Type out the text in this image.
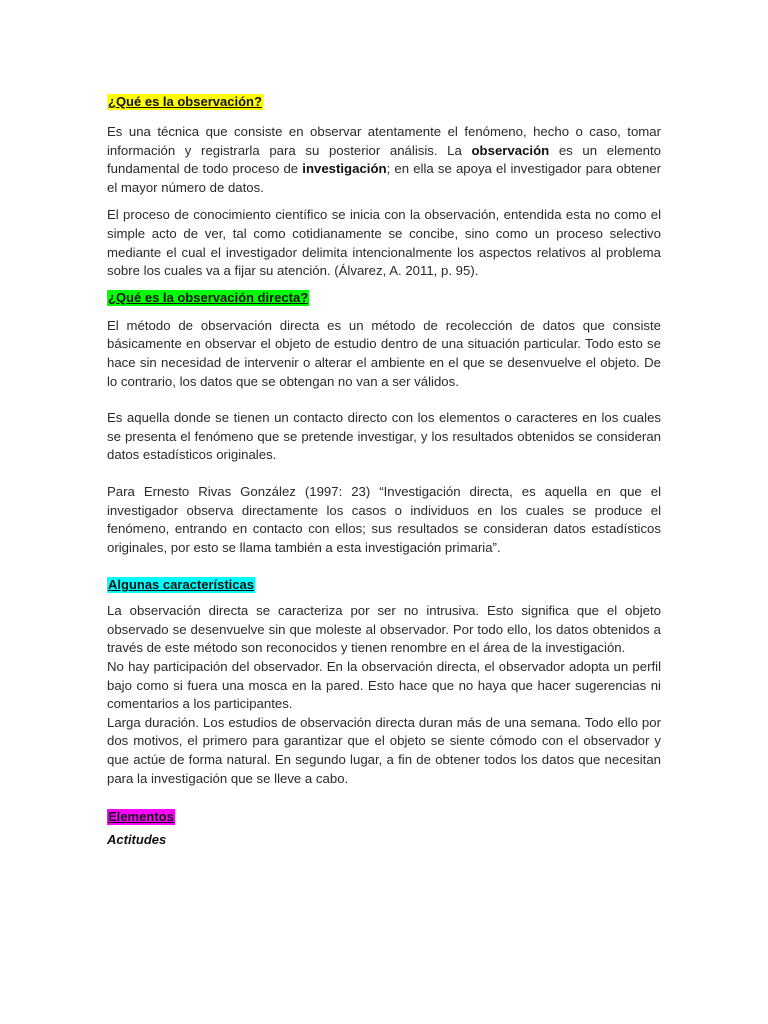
¿Qué es la observación?

Es una técnica que consiste en observar atentamente el fenómeno, hecho o caso, tomar información y registrarla para su posterior análisis. La observación es un elemento fundamental de todo proceso de investigación; en ella se apoya el investigador para obtener el mayor número de datos.

El proceso de conocimiento científico se inicia con la observación, entendida esta no como el simple acto de ver, tal como cotidianamente se concibe, sino como un proceso selectivo mediante el cual el investigador delimita intencionalmente los aspectos relativos al problema sobre los cuales va a fijar su atención. (Álvarez, A. 2011, p. 95).

¿Qué es la observación directa?

El método de observación directa es un método de recolección de datos que consiste básicamente en observar el objeto de estudio dentro de una situación particular. Todo esto se hace sin necesidad de intervenir o alterar el ambiente en el que se desenvuelve el objeto. De lo contrario, los datos que se obtengan no van a ser válidos.

Es aquella donde se tienen un contacto directo con los elementos o caracteres en los cuales se presenta el fenómeno que se pretende investigar, y los resultados obtenidos se consideran datos estadísticos originales.

Para Ernesto Rivas González (1997: 23) “Investigación directa, es aquella en que el investigador observa directamente los casos o individuos en los cuales se produce el fenómeno, entrando en contacto con ellos; sus resultados se consideran datos estadísticos originales, por esto se llama también a esta investigación primaria”.

Algunas características

La observación directa se caracteriza por ser no intrusiva. Esto significa que el objeto observado se desenvuelve sin que moleste al observador. Por todo ello, los datos obtenidos a través de este método son reconocidos y tienen renombre en el área de la investigación.

No hay participación del observador. En la observación directa, el observador adopta un perfil bajo como si fuera una mosca en la pared. Esto hace que no haya que hacer sugerencias ni comentarios a los participantes.

Larga duración. Los estudios de observación directa duran más de una semana. Todo ello por dos motivos, el primero para garantizar que el objeto se siente cómodo con el observador y que actúe de forma natural. En segundo lugar, a fin de obtener todos los datos que necesitan para la investigación que se lleve a cabo.

Elementos
Actitudes
